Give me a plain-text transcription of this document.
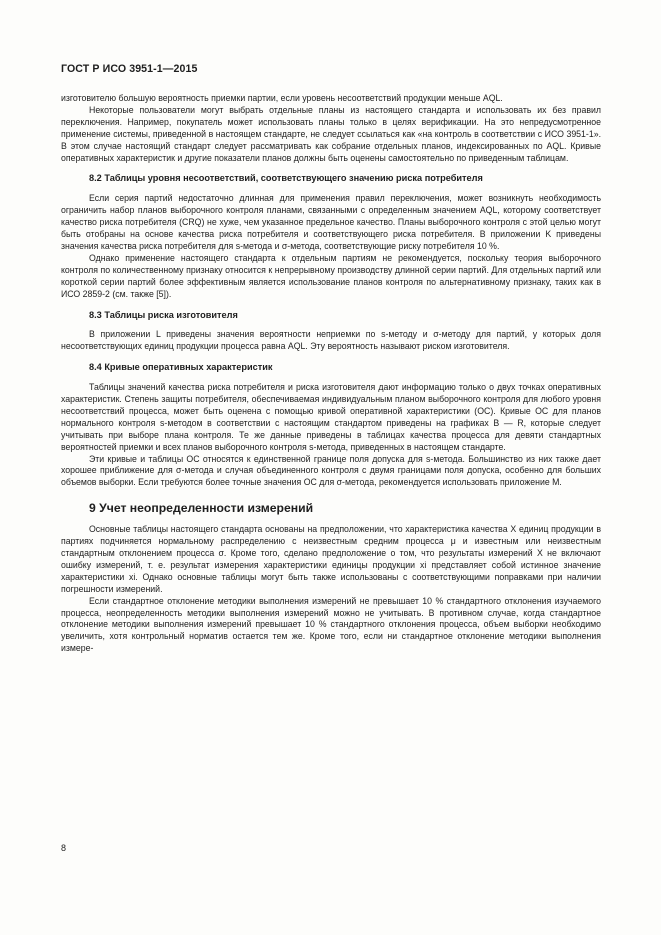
ГОСТ Р ИСО 3951-1—2015

изготовителю большую вероятность приемки партии, если уровень несоответствий продукции меньше AQL.

Некоторые пользователи могут выбрать отдельные планы из настоящего стандарта и использовать их без правил переключения. Например, покупатель может использовать планы только в целях верификации. На это непредусмотренное применение системы, приведенной в настоящем стандарте, не следует ссылаться как «на контроль в соответствии с ИСО 3951-1». В этом случае настоящий стандарт следует рассматривать как собрание отдельных планов, индексированных по AQL. Кривые оперативных характеристик и другие показатели планов должны быть оценены самостоятельно по приведенным таблицам.

8.2 Таблицы уровня несоответствий, соответствующего значению риска потребителя

Если серия партий недостаточно длинная для применения правил переключения, может возникнуть необходимость ограничить набор планов выборочного контроля планами, связанными с определенным значением AQL, которому соответствует качество риска потребителя (CRQ) не хуже, чем указанное предельное качество. Планы выборочного контроля с этой целью могут быть отобраны на основе качества риска потребителя и соответствующего риска потребителя. В приложении K приведены значения качества риска потребителя для s-метода и σ-метода, соответствующие риску потребителя 10 %.

Однако применение настоящего стандарта к отдельным партиям не рекомендуется, поскольку теория выборочного контроля по количественному признаку относится к непрерывному производству длинной серии партий. Для отдельных партий или короткой серии партий более эффективным является использование планов контроля по альтернативному признаку, таких как в ИСО 2859-2 (см. также [5]).

8.3 Таблицы риска изготовителя

В приложении L приведены значения вероятности неприемки по s-методу и σ-методу для партий, у которых доля несоответствующих единиц продукции процесса равна AQL. Эту вероятность называют риском изготовителя.

8.4 Кривые оперативных характеристик

Таблицы значений качества риска потребителя и риска изготовителя дают информацию только о двух точках оперативных характеристик. Степень защиты потребителя, обеспечиваемая индивидуальным планом выборочного контроля для любого уровня несоответствий процесса, может быть оценена с помощью кривой оперативной характеристики (OC). Кривые OC для планов нормального контроля s-методом в соответствии с настоящим стандартом приведены на графиках B — R, которые следует учитывать при выборе плана контроля. Те же данные приведены в таблицах качества процесса для девяти стандартных вероятностей приемки и всех планов выборочного контроля s-метода, приведенных в настоящем стандарте.

Эти кривые и таблицы OC относятся к единственной границе поля допуска для s-метода. Большинство из них также дает хорошее приближение для σ-метода и случая объединенного контроля с двумя границами поля допуска, особенно для больших объемов выборки. Если требуются более точные значения OC для σ-метода, рекомендуется использовать приложение M.

9 Учет неопределенности измерений

Основные таблицы настоящего стандарта основаны на предположении, что характеристика качества X единиц продукции в партиях подчиняется нормальному распределению с неизвестным средним процесса μ и известным или неизвестным стандартным отклонением процесса σ. Кроме того, сделано предположение о том, что результаты измерений X не включают ошибку измерений, т. е. результат измерения характеристики единицы продукции xi представляет собой истинное значение характеристики xi. Однако основные таблицы могут быть также использованы с соответствующими поправками при наличии погрешности измерений.

Если стандартное отклонение методики выполнения измерений не превышает 10 % стандартного отклонения изучаемого процесса, неопределенность методики выполнения измерений можно не учитывать. В противном случае, когда стандартное отклонение методики выполнения измерений превышает 10 % стандартного отклонения процесса, объем выборки необходимо увеличить, хотя контрольный норматив остается тем же. Кроме того, если ни стандартное отклонение методики выполнения измере-

8
